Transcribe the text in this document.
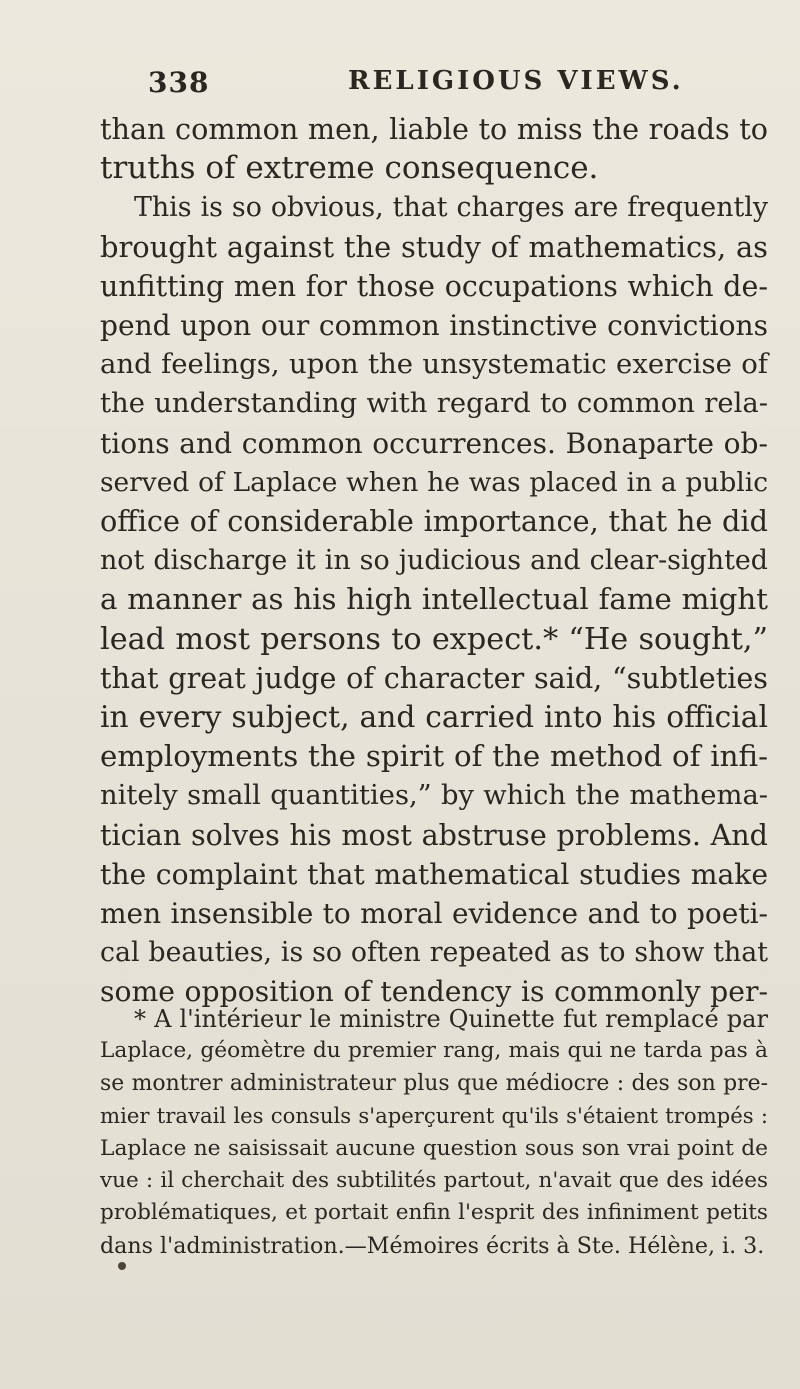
338	RELIGIOUS VIEWS.
than common men, liable to miss the roads to
truths of extreme consequence.
This is so obvious, that charges are frequently
brought against the study of mathematics, as
unfitting men for those occupations which de-
pend upon our common instinctive convictions
and feelings, upon the unsystematic exercise of
the understanding with regard to common rela-
tions and common occurrences. Bonaparte ob-
served of Laplace when he was placed in a public
office of considerable importance, that he did
not discharge it in so judicious and clear-sighted
a manner as his high intellectual fame might
lead most persons to expect.* “He sought,”
that great judge of character said, “subtleties
in every subject, and carried into his official
employments the spirit of the method of infi-
nitely small quantities,” by which the mathema-
tician solves his most abstruse problems. And
the complaint that mathematical studies make
men insensible to moral evidence and to poeti-
cal beauties, is so often repeated as to show that
some opposition of tendency is commonly per-
* A l'intérieur le ministre Quinette fut remplacé par
Laplace, géomètre du premier rang, mais qui ne tarda pas à
se montrer administrateur plus que médiocre : des son pre-
mier travail les consuls s'aperçurent qu'ils s'étaient trompés :
Laplace ne saisissait aucune question sous son vrai point de
vue : il cherchait des subtilités partout, n'avait que des idées
problématiques, et portait enfin l'esprit des infiniment petits
dans l'administration.—Mémoires écrits à Ste. Hélène, i. 3.
